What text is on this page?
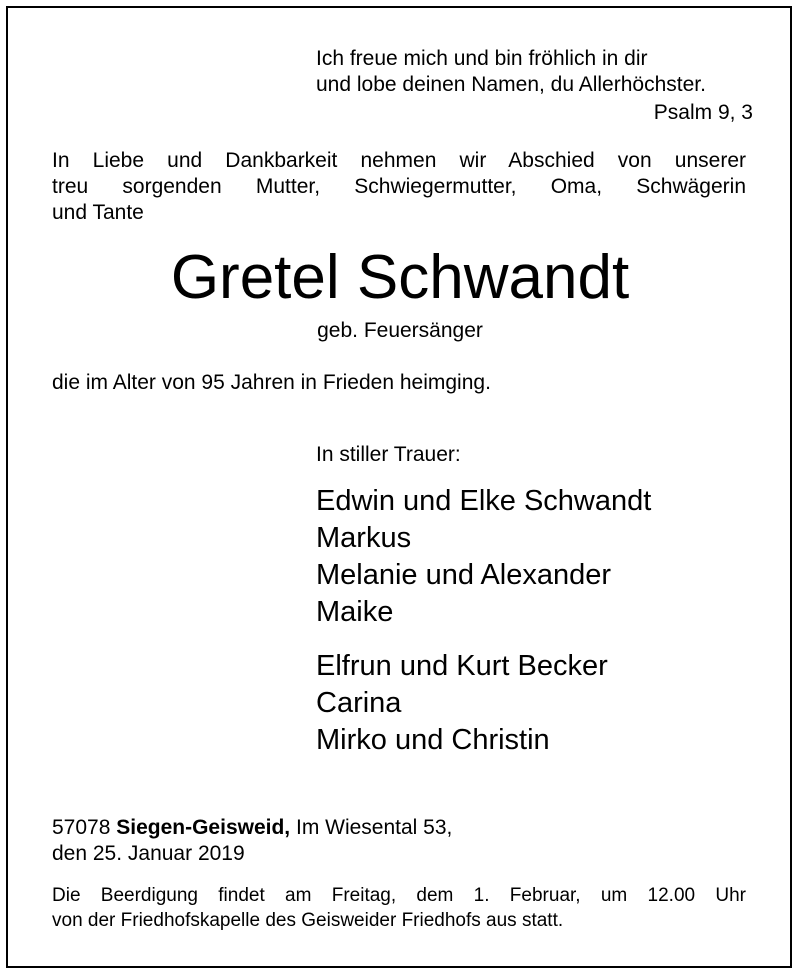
Ich freue mich und bin fröhlich in dir
und lobe deinen Namen, du Allerhöchster.
Psalm 9, 3
In Liebe und Dankbarkeit nehmen wir Abschied von unserer
treu sorgenden Mutter, Schwiegermutter, Oma, Schwägerin
und Tante
Gretel Schwandt
geb. Feuersänger
die im Alter von 95 Jahren in Frieden heimging.
In stiller Trauer:
Edwin und Elke Schwandt
Markus
Melanie und Alexander
Maike
Elfrun und Kurt Becker
Carina
Mirko und Christin
57078 Siegen-Geisweid, Im Wiesental 53,
den 25. Januar 2019
Die Beerdigung findet am Freitag, dem 1. Februar, um 12.00 Uhr
von der Friedhofskapelle des Geisweider Friedhofs aus statt.
